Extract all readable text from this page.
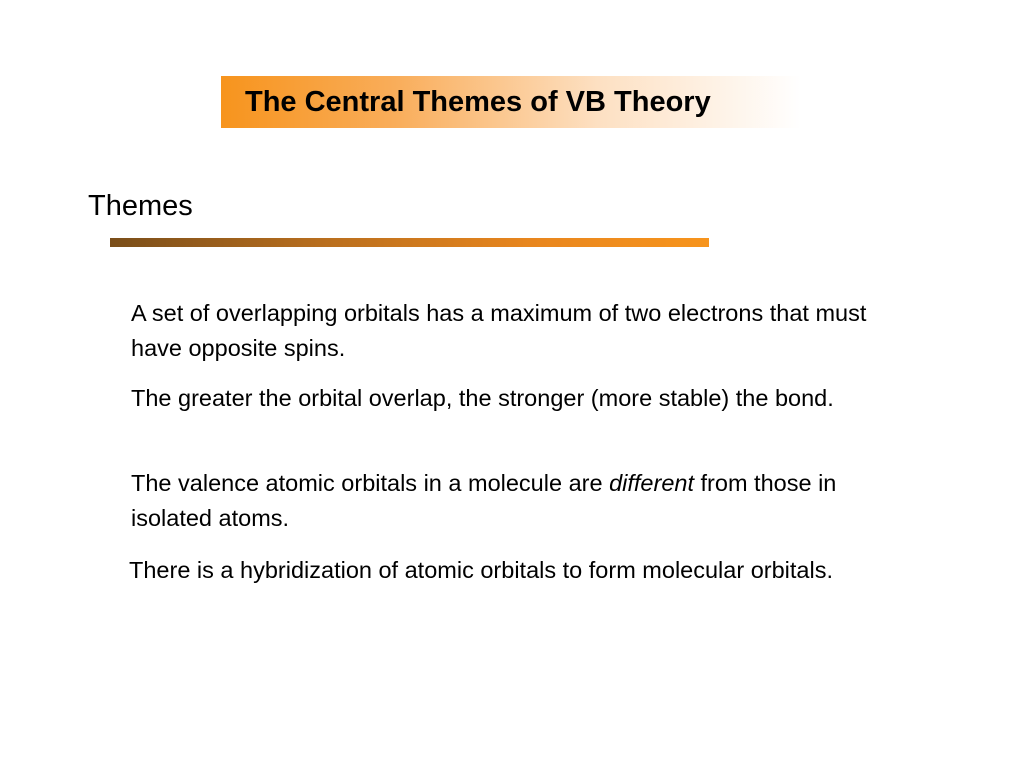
The Central Themes of VB Theory
Themes
A set of overlapping orbitals has a maximum of two electrons that must have opposite spins.
The greater the orbital overlap, the stronger (more stable) the bond.
The valence atomic orbitals in a molecule are different from those in isolated atoms.
There is a hybridization of atomic orbitals to form molecular orbitals.
